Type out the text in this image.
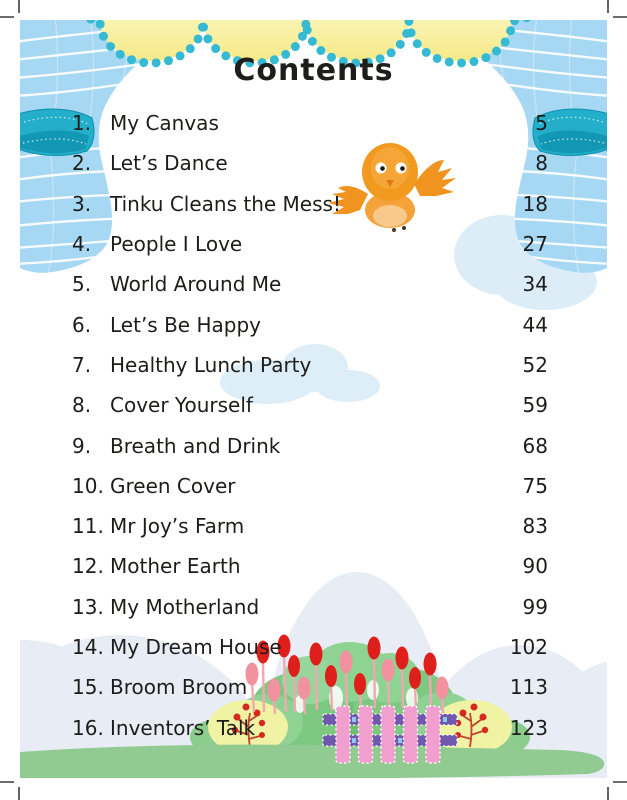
Contents
1. My Canvas	5
2. Let’s Dance	8
3. Tinku Cleans the Mess!	18
4. People I Love	27
5. World Around Me	34
6. Let’s Be Happy	44
7. Healthy Lunch Party	52
8. Cover Yourself	59
9. Breath and Drink	68
10. Green Cover	75
11. Mr Joy’s Farm	83
12. Mother Earth	90
13. My Motherland	99
14. My Dream House	102
15. Broom Broom	113
16. Inventors’ Talk	123
